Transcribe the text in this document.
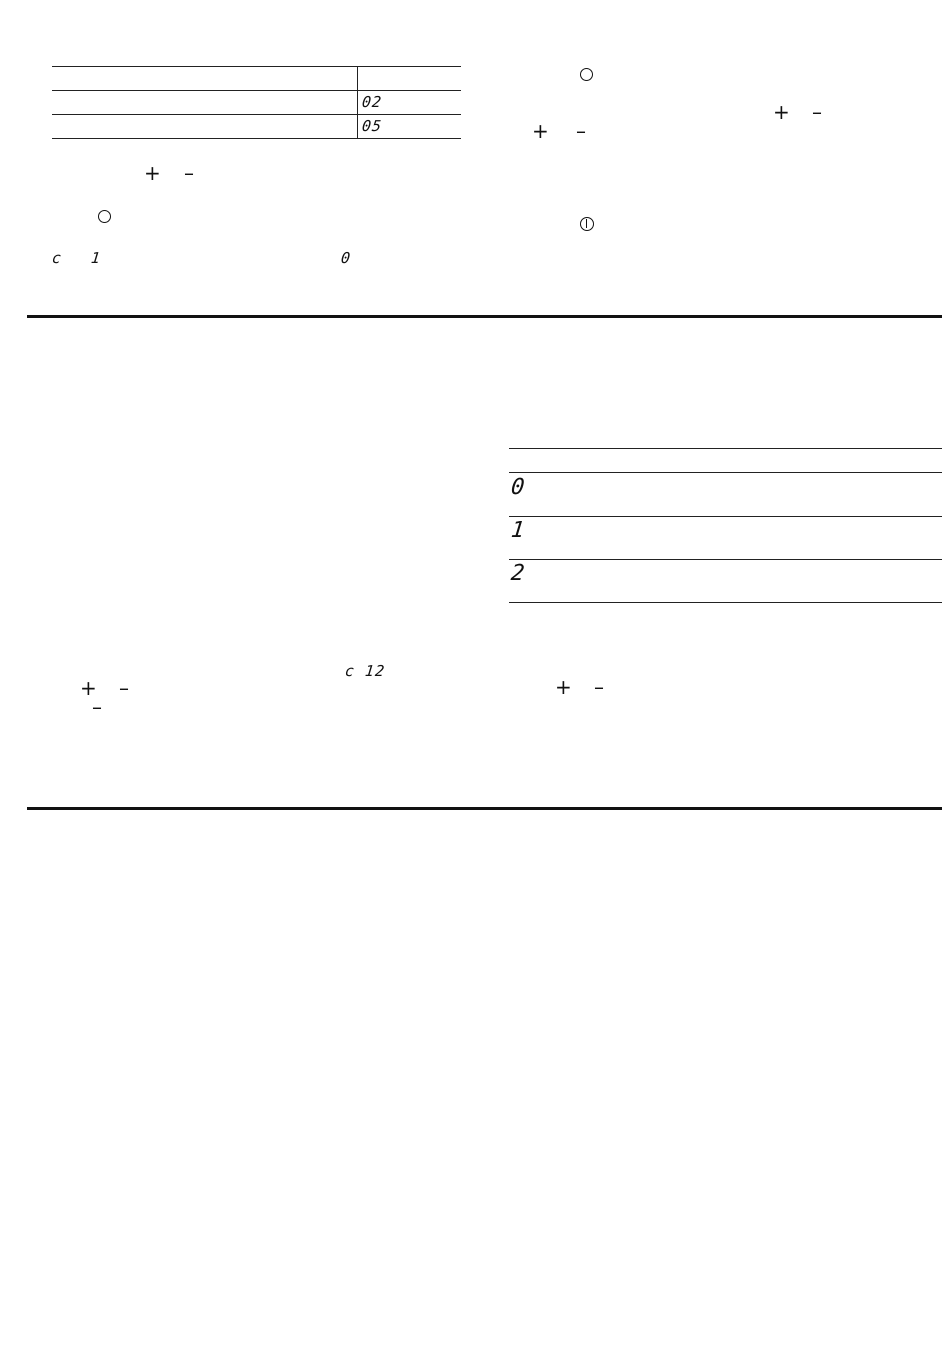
02
05
+ –
c 1	0
+ –
+ –
0
1
2
c 12
+ –
–
+ –
